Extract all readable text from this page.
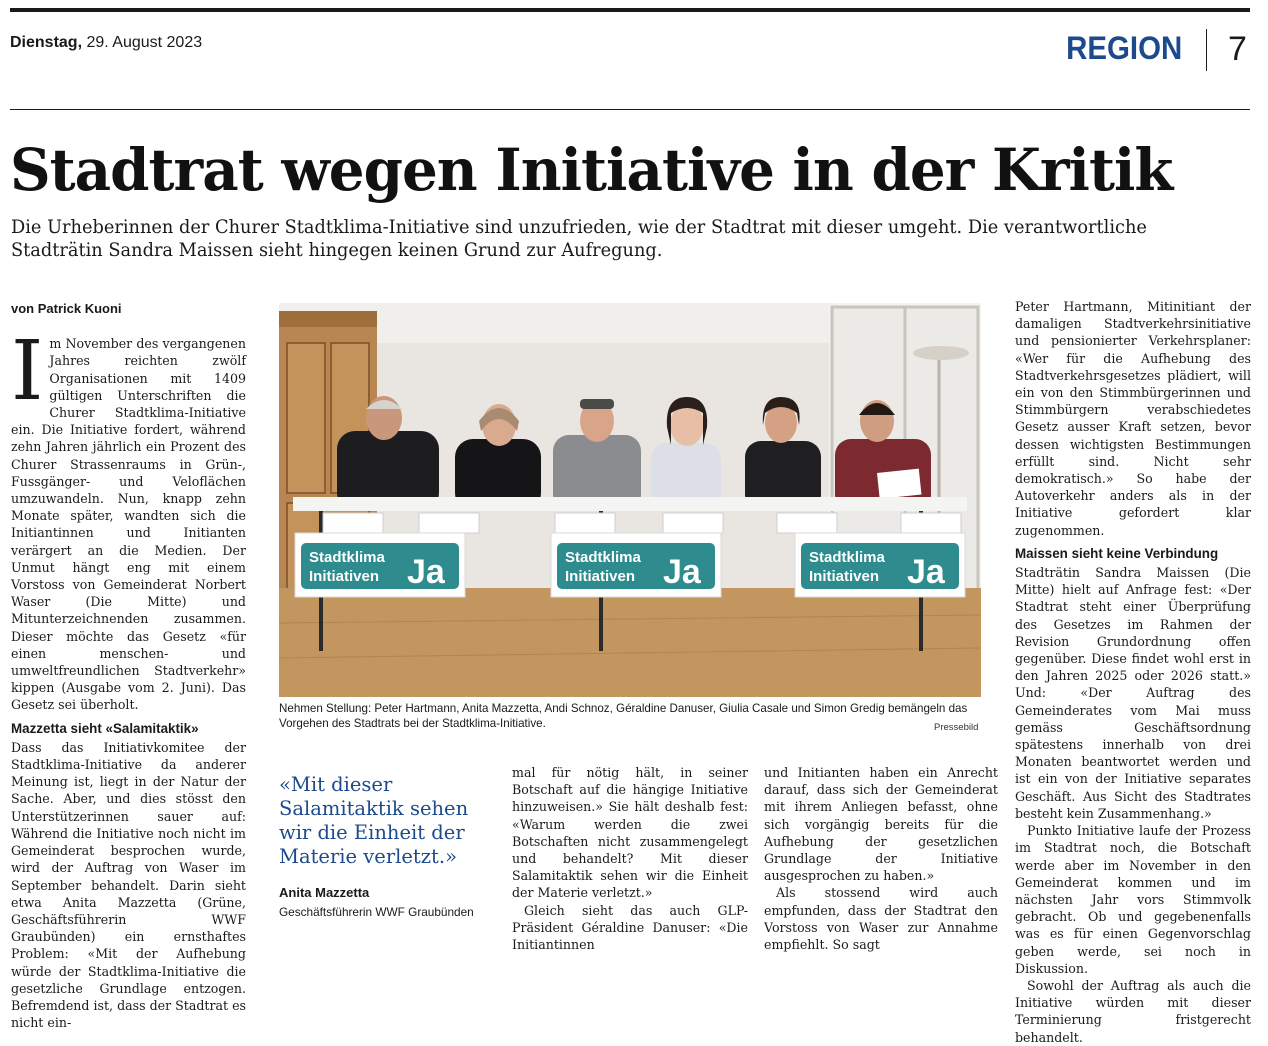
Dienstag, 29. August 2023	REGION 7
Stadtrat wegen Initiative in der Kritik

Die Urheberinnen der Churer Stadtklima-Initiative sind unzufrieden, wie der Stadtrat mit dieser umgeht. Die verantwortliche Stadträtin Sandra Maissen sieht hingegen keinen Grund zur Aufregung.

von Patrick Kuoni

Im November des vergangenen Jahres reichten zwölf Organisationen mit 1409 gültigen Unterschriften die Churer Stadtklima-Initiative ein. Die Initiative fordert, während zehn Jahren jährlich ein Prozent des Churer Strassenraums in Grün-, Fussgänger- und Veloflächen umzuwandeln. Nun, knapp zehn Monate später, wandten sich die Initiantinnen und Initianten verärgert an die Medien. Der Unmut hängt eng mit einem Vorstoss von Gemeinderat Norbert Waser (Die Mitte) und Mitunterzeichnenden zusammen. Dieser möchte das Gesetz «für einen menschen- und umweltfreundlichen Stadtverkehr» kippen (Ausgabe vom 2. Juni). Das Gesetz sei überholt.

Mazzetta sieht «Salamitaktik»

Dass das Initiativkomitee der Stadtklima-Initiative da anderer Meinung ist, liegt in der Natur der Sache. Aber, und dies stösst den Unterstützerinnen sauer auf: Während die Initiative noch nicht im Gemeinderat besprochen wurde, wird der Auftrag von Waser im September behandelt. Darin sieht etwa Anita Mazzetta (Grüne, Geschäftsführerin WWF Graubünden) ein ernsthaftes Problem: «Mit der Aufhebung würde der Stadtklima-Initiative die gesetzliche Grundlage entzogen. Befremdend ist, dass der Stadtrat es nicht ein-

Stadtklima
Initiativen Ja	Stadtklima
Initiativen Ja	Stadtklima
Initiativen Ja
Nehmen Stellung: Peter Hartmann, Anita Mazzetta, Andi Schnoz, Géraldine Danuser, Giulia Casale und Simon Gredig bemängeln das Vorgehen des Stadtrats bei der Stadtklima-Initiative.	Pressebild
«Mit dieser Salamitaktik sehen wir die Einheit der Materie verletzt.»
Anita Mazzetta
Geschäftsführerin WWF Graubünden

mal für nötig hält, in seiner Botschaft auf die hängige Initiative hinzuweisen.» Sie hält deshalb fest: «Warum werden die zwei Botschaften nicht zusammengelegt und behandelt? Mit dieser Salamitaktik sehen wir die Einheit der Materie verletzt.»

Gleich sieht das auch GLP-Präsident Géraldine Danuser: «Die Initiantinnen

und Initianten haben ein Anrecht darauf, dass sich der Gemeinderat mit ihrem Anliegen befasst, ohne sich vorgängig bereits für die Aufhebung der gesetzlichen Grundlage der Initiative ausgesprochen zu haben.»

Als stossend wird auch empfunden, dass der Stadtrat den Vorstoss von Waser zur Annahme empfiehlt. So sagt

Peter Hartmann, Mitinitiant der damaligen Stadtverkehrsinitiative und pensionierter Verkehrsplaner: «Wer für die Aufhebung des Stadtverkehrsgesetzes plädiert, will ein von den Stimmbürgerinnen und Stimmbürgern verabschiedetes Gesetz ausser Kraft setzen, bevor dessen wichtigsten Bestimmungen erfüllt sind. Nicht sehr demokratisch.» So habe der Autoverkehr anders als in der Initiative gefordert klar zugenommen.

Maissen sieht keine Verbindung

Stadträtin Sandra Maissen (Die Mitte) hielt auf Anfrage fest: «Der Stadtrat steht einer Überprüfung des Gesetzes im Rahmen der Revision Grundordnung offen gegenüber. Diese findet wohl erst in den Jahren 2025 oder 2026 statt.» Und: «Der Auftrag des Gemeinderates vom Mai muss gemäss Geschäftsordnung spätestens innerhalb von drei Monaten beantwortet werden und ist ein von der Initiative separates Geschäft. Aus Sicht des Stadtrates besteht kein Zusammenhang.»

Punkto Initiative laufe der Prozess im Stadtrat noch, die Botschaft werde aber im November in den Gemeinderat kommen und im nächsten Jahr vors Stimmvolk gebracht. Ob und gegebenenfalls was es für einen Gegenvorschlag geben werde, sei noch in Diskussion.

Sowohl der Auftrag als auch die Initiative würden mit dieser Terminierung fristgerecht behandelt.
